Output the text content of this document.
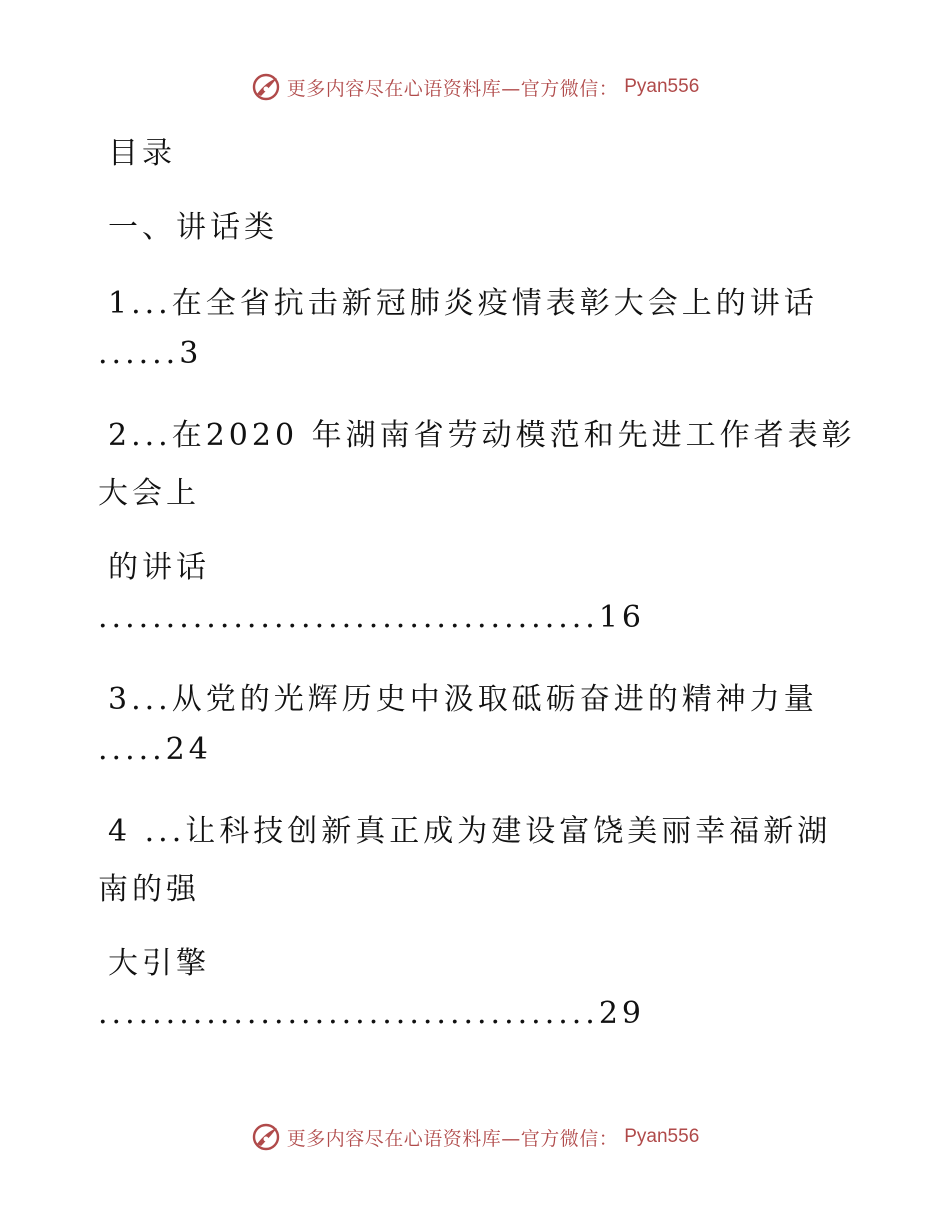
更多内容尽在心语资料库—官方微信： Pyan556
目录
一、讲话类
1...在全省抗击新冠肺炎疫情表彰大会上的讲话
......3
2...在2020 年湖南省劳动模范和先进工作者表彰
大会上
的讲话
.....................................16
3...从党的光辉历史中汲取砥砺奋进的精神力量
.....24
4 ...让科技创新真正成为建设富饶美丽幸福新湖
南的强
大引擎
.....................................29
更多内容尽在心语资料库—官方微信： Pyan556
